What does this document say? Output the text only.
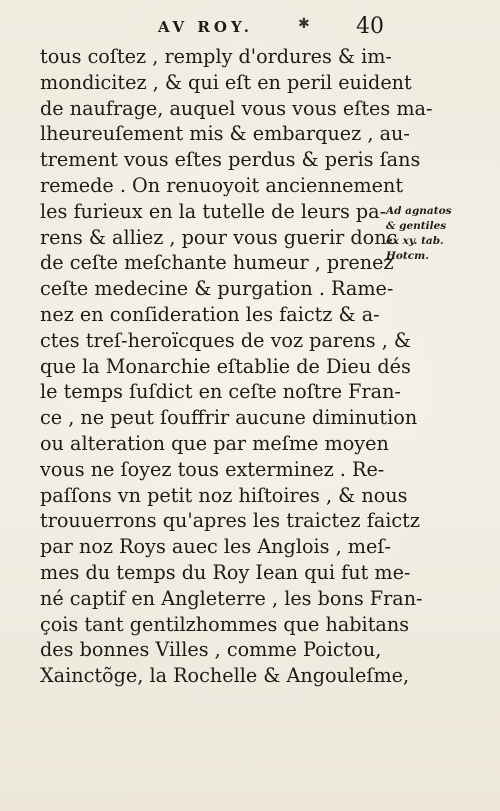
AV ROY.	✱ 40
tous coſtez , remply d'ordures & im-
mondicitez , & qui eſt en peril euident
de naufrage, auquel vous vous eſtes ma-
lheureuſement mis & embarquez , au-
trement vous eſtes perdus & peris ſans
remede . On renuoyoit anciennement
les furieux en la tutelle de leurs pa-
rens & alliez , pour vous guerir donc
de ceſte meſchante humeur , prenez
ceſte medecine & purgation . Rame-
nez en conſideration les faictz & a-
ctes treſ-heroïcques de voz parens , &
que la Monarchie eſtablie de Dieu dés
le temps ſuſdict en ceſte noſtre Fran-
ce , ne peut ſouffrir aucune diminution
ou alteration que par meſme moyen
vous ne ſoyez tous exterminez . Re-
paſſons vn petit noz hiſtoires , & nous
trouuerrons qu'apres les traictez faictz
par noz Roys auec les Anglois , meſ-
mes du temps du Roy Iean qui fut me-
né captif en Angleterre , les bons Fran-
çois tant gentilzhommes que habitans
des bonnes Villes , comme Poictou,
Xainctõge, la Rochelle & Angouleſme,
Ad agnatos
& gentiles
ex xy. tab.
Hotcm.
